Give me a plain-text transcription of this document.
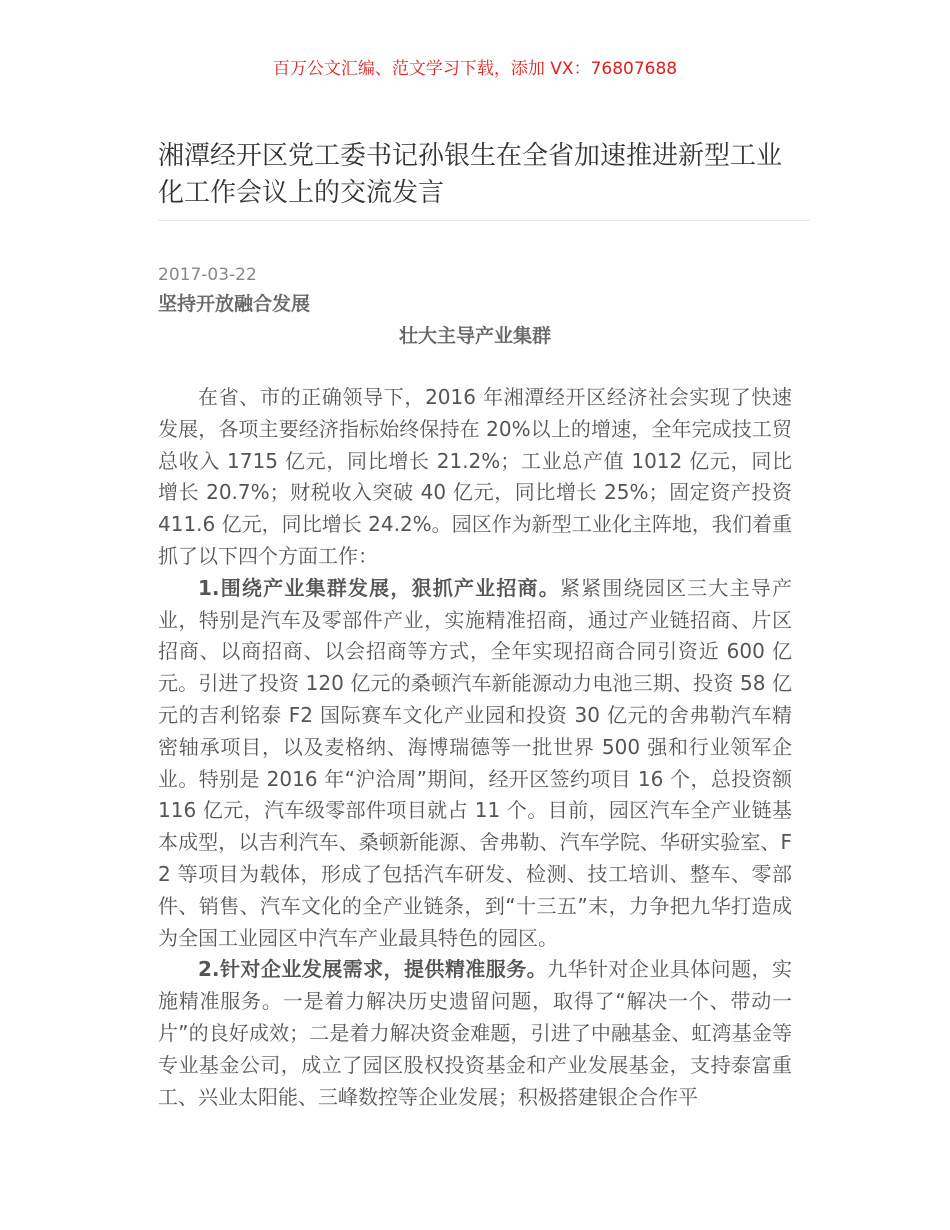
百万公文汇编、范文学习下载，添加 VX：76807688
湘潭经开区党工委书记孙银生在全省加速推进新型工业化工作会议上的交流发言
2017-03-22
坚持开放融合发展
壮大主导产业集群

在省、市的正确领导下，2016 年湘潭经开区经济社会实现了快速发展，各项主要经济指标始终保持在 20%以上的增速，全年完成技工贸总收入 1715 亿元，同比增长 21.2%；工业总产值 1012 亿元，同比增长 20.7%；财税收入突破 40 亿元，同比增长 25%；固定资产投资 411.6 亿元，同比增长 24.2%。园区作为新型工业化主阵地，我们着重抓了以下四个方面工作：

1.围绕产业集群发展，狠抓产业招商。紧紧围绕园区三大主导产业，特别是汽车及零部件产业，实施精准招商，通过产业链招商、片区招商、以商招商、以会招商等方式，全年实现招商合同引资近 600 亿元。引进了投资 120 亿元的桑顿汽车新能源动力电池三期、投资 58 亿元的吉利铭泰 F2 国际赛车文化产业园和投资 30 亿元的舍弗勒汽车精密轴承项目，以及麦格纳、海博瑞德等一批世界 500 强和行业领军企业。特别是 2016 年“沪洽周”期间，经开区签约项目 16 个，总投资额 116 亿元，汽车级零部件项目就占 11 个。目前，园区汽车全产业链基本成型，以吉利汽车、桑顿新能源、舍弗勒、汽车学院、华研实验室、F2 等项目为载体，形成了包括汽车研发、检测、技工培训、整车、零部件、销售、汽车文化的全产业链条，到“十三五”末，力争把九华打造成为全国工业园区中汽车产业最具特色的园区。

2.针对企业发展需求，提供精准服务。九华针对企业具体问题，实施精准服务。一是着力解决历史遗留问题，取得了“解决一个、带动一片”的良好成效；二是着力解决资金难题，引进了中融基金、虹湾基金等专业基金公司，成立了园区股权投资基金和产业发展基金，支持泰富重工、兴业太阳能、三峰数控等企业发展；积极搭建银企合作平
